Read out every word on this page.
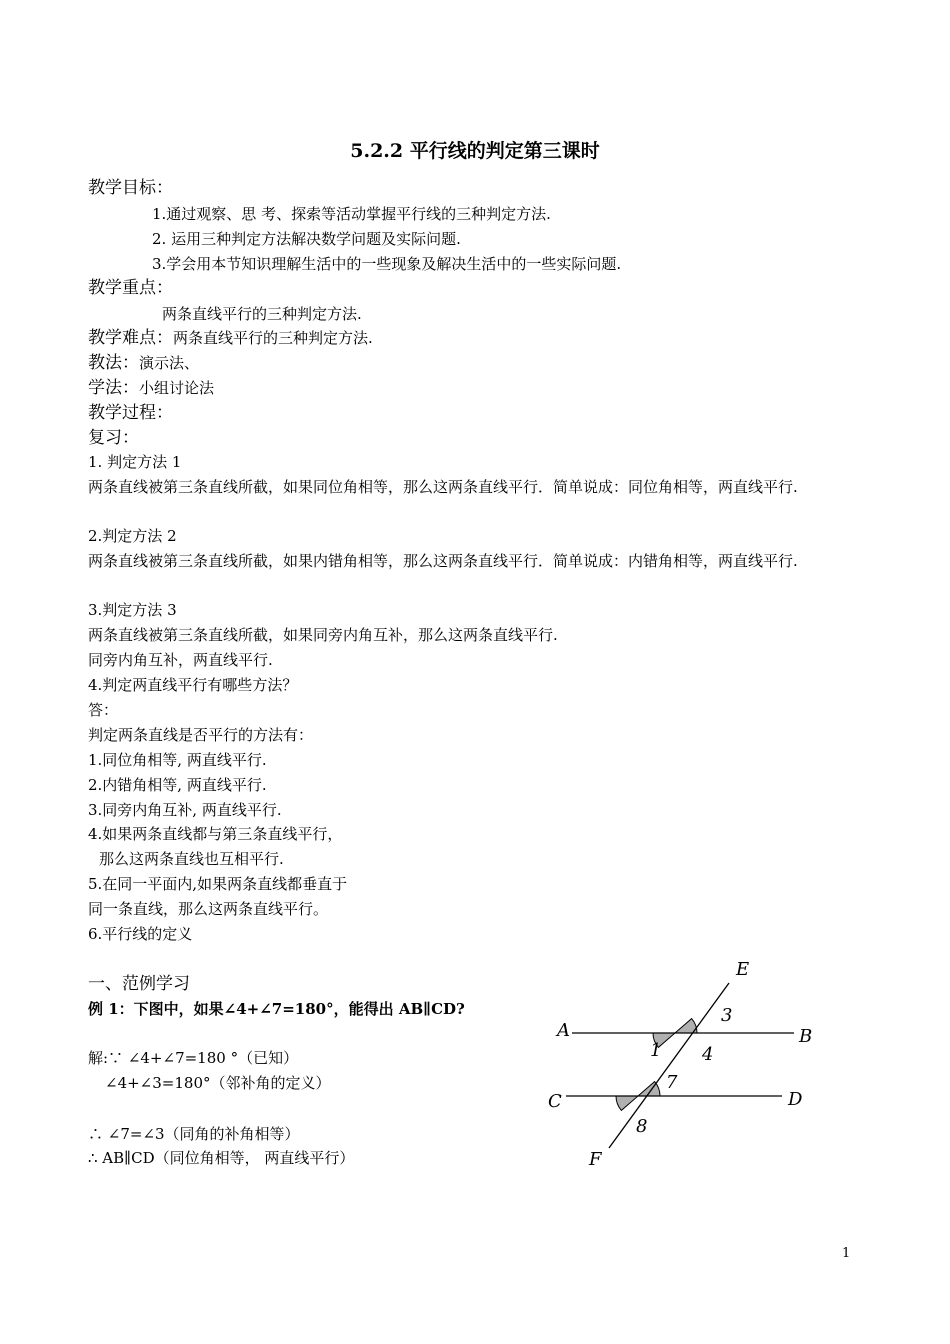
5.2.2 平行线的判定第三课时
教学目标：
1.通过观察、思 考、探索等活动掌握平行线的三种判定方法.
2. 运用三种判定方法解决数学问题及实际问题.
3.学会用本节知识理解生活中的一些现象及解决生活中的一些实际问题.
教学重点：
两条直线平行的三种判定方法.
教学难点：两条直线平行的三种判定方法.
教法：演示法、
学法：小组讨论法
教学过程：
复习：
1. 判定方法 1
两条直线被第三条直线所截，如果同位角相等，那么这两条直线平行．简单说成：同位角相等，两直线平行.
2.判定方法 2
两条直线被第三条直线所截，如果内错角相等，那么这两条直线平行．简单说成：内错角相等，两直线平行.
3.判定方法 3
两条直线被第三条直线所截，如果同旁内角互补，那么这两条直线平行.
同旁内角互补，两直线平行.
4.判定两直线平行有哪些方法？
答：
判定两条直线是否平行的方法有：
1.同位角相等, 两直线平行.
2.内错角相等, 两直线平行.
3.同旁内角互补, 两直线平行.
4.如果两条直线都与第三条直线平行，
那么这两条直线也互相平行.
5.在同一平面内,如果两条直线都垂直于
同一条直线，那么这两条直线平行。
6.平行线的定义
一、范例学习
例 1：下图中，如果∠4+∠7=180°，能得出 AB∥CD?
解:∵ ∠4+∠7=180 °（已知）
∠4+∠3=180°（邻补角的定义）
∴ ∠7=∠3（同角的补角相等）
∴ AB∥CD（同位角相等， 两直线平行）
E
A	B
C	D
F
3
1 4
7
8
1
